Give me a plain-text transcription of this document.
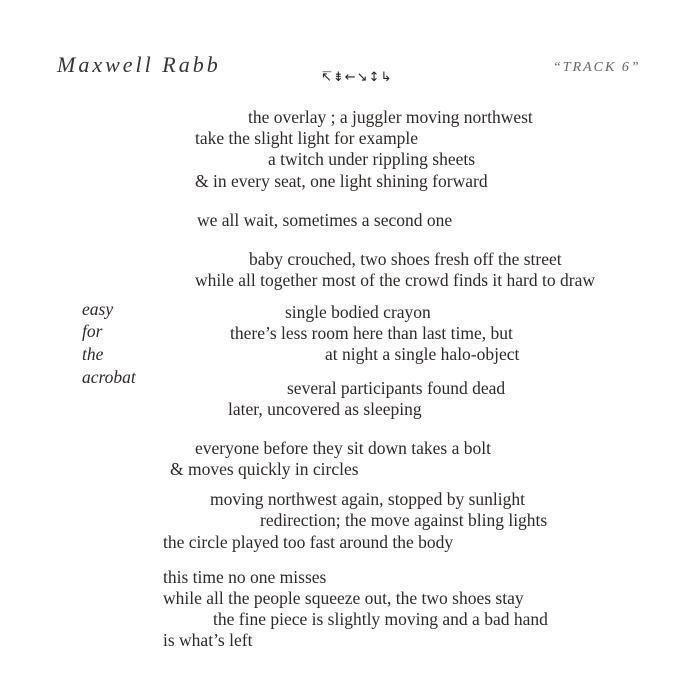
Maxwell Rabb
↸⇟←↘↕↳
“TRACK 6”
easy
for
the
acrobat
the overlay ; a juggler moving northwest
take the slight light for example
a twitch under rippling sheets
& in every seat, one light shining forward
we all wait, sometimes a second one
baby crouched, two shoes fresh off the street
while all together most of the crowd finds it hard to draw
single bodied crayon
there’s less room here than last time, but
at night a single halo-object
several participants found dead
later, uncovered as sleeping
everyone before they sit down takes a bolt
& moves quickly in circles
moving northwest again, stopped by sunlight
redirection; the move against bling lights
the circle played too fast around the body
this time no one misses
while all the people squeeze out, the two shoes stay
the fine piece is slightly moving and a bad hand
is what’s left
